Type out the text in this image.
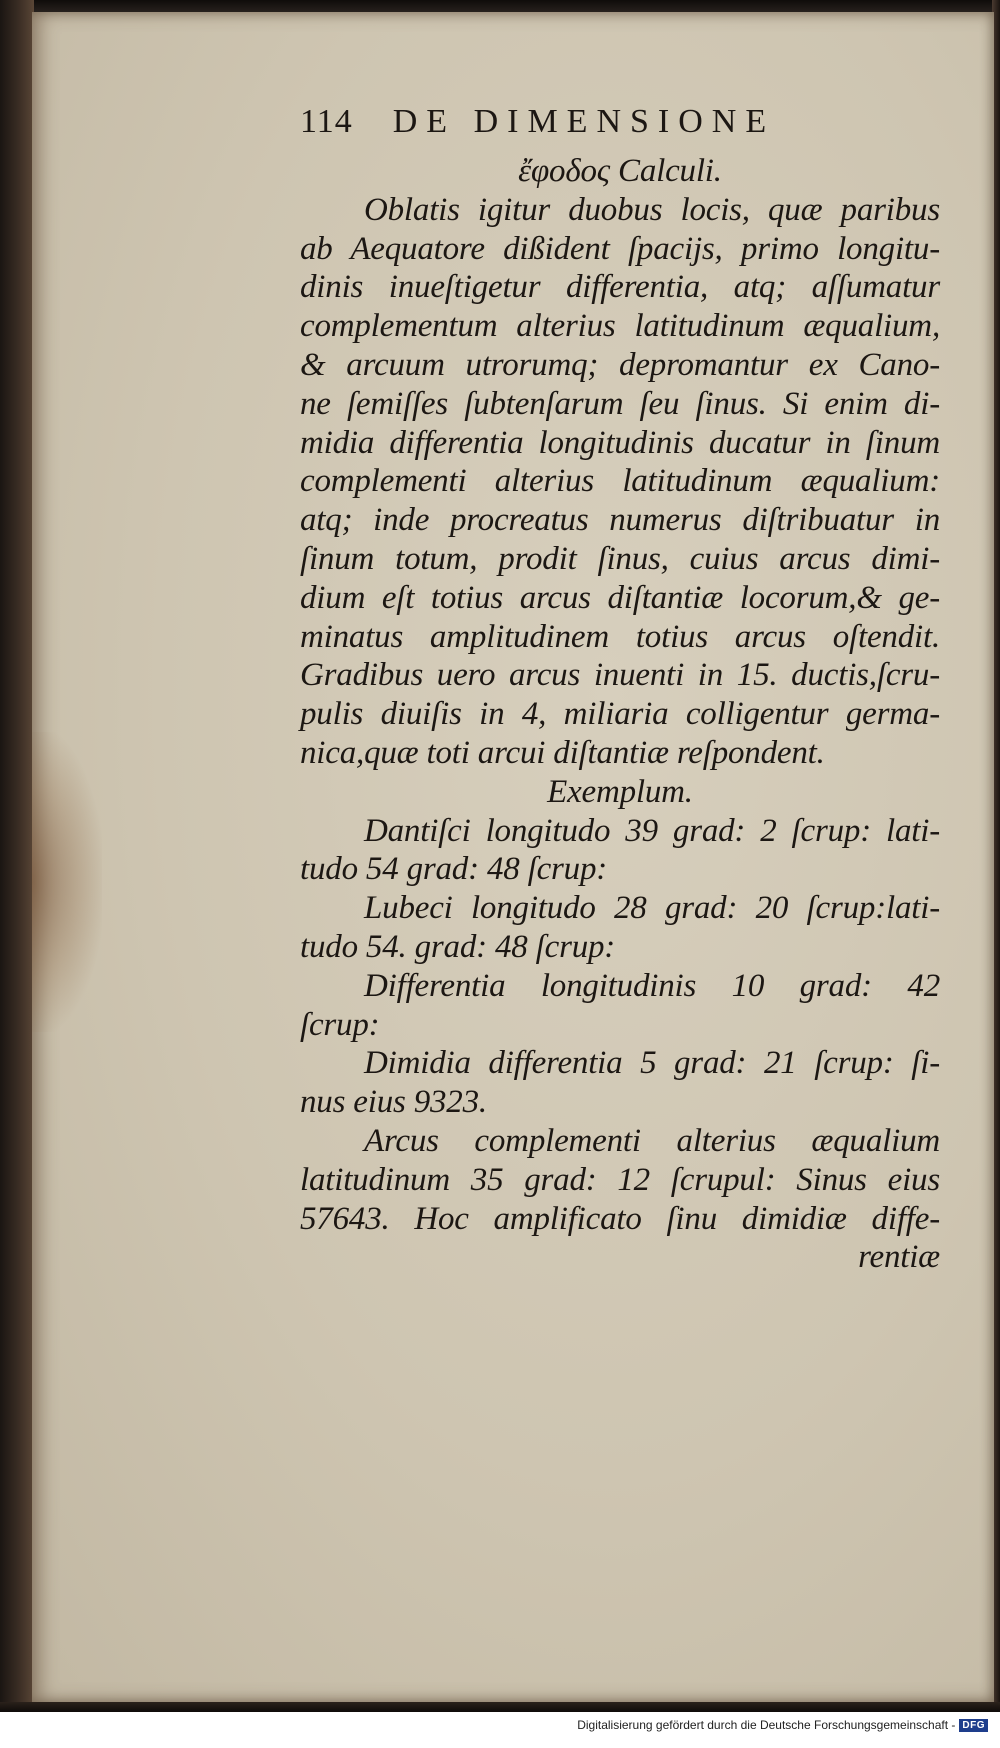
114 DE DIMENSIONE
ἔφοδος Calculi.
Oblatis igitur duobus locis, quæ paribus
ab Aequatore dißident ſpacijs, primo longitu-
dinis inueſtigetur differentia, atq; aſſumatur
complementum alterius latitudinum æqualium,
& arcuum utrorumq; depromantur ex Cano-
ne ſemiſſes ſubtenſarum ſeu ſinus. Si enim di-
midia differentia longitudinis ducatur in ſinum
complementi alterius latitudinum æqualium:
atq; inde procreatus numerus diſtribuatur in
ſinum totum, prodit ſinus, cuius arcus dimi-
dium eſt totius arcus diſtantiæ locorum,& ge-
minatus amplitudinem totius arcus oſtendit.
Gradibus uero arcus inuenti in 15. ductis,ſcru-
pulis diuiſis in 4, miliaria colligentur germa-
nica,quæ toti arcui diſtantiæ reſpondent.
Exemplum.
Dantiſci longitudo 39 grad: 2 ſcrup: lati-
tudo 54 grad: 48 ſcrup:
Lubeci longitudo 28 grad: 20 ſcrup:lati-
tudo 54. grad: 48 ſcrup:
Differentia longitudinis 10 grad: 42
ſcrup:
Dimidia differentia 5 grad: 21 ſcrup: ſi-
nus eius 9323.
Arcus complementi alterius æqualium
latitudinum 35 grad: 12 ſcrupul: Sinus eius
57643. Hoc amplificato ſinu dimidiæ diffe-
rentiæ
Digitalisierung gefördert durch die Deutsche Forschungsgemeinschaft - DFG
